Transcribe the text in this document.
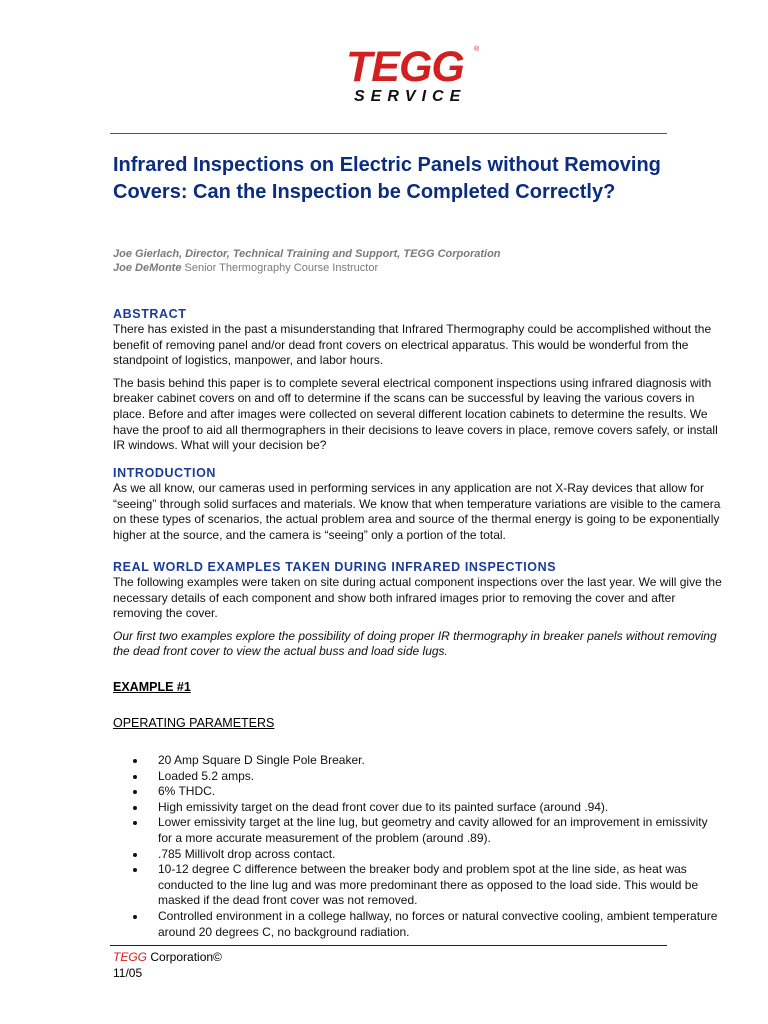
TEGG ®
SERVICE
Infrared Inspections on Electric Panels without Removing Covers: Can the Inspection be Completed Correctly?
Joe Gierlach, Director, Technical Training and Support, TEGG Corporation
Joe DeMonte Senior Thermography Course Instructor
ABSTRACT

There has existed in the past a misunderstanding that Infrared Thermography could be accomplished without the benefit of removing panel and/or dead front covers on electrical apparatus. This would be wonderful from the standpoint of logistics, manpower, and labor hours.

The basis behind this paper is to complete several electrical component inspections using infrared diagnosis with breaker cabinet covers on and off to determine if the scans can be successful by leaving the various covers in place. Before and after images were collected on several different location cabinets to determine the results. We have the proof to aid all thermographers in their decisions to leave covers in place, remove covers safely, or install IR windows. What will your decision be?

INTRODUCTION

As we all know, our cameras used in performing services in any application are not X-Ray devices that allow for “seeing” through solid surfaces and materials. We know that when temperature variations are visible to the camera on these types of scenarios, the actual problem area and source of the thermal energy is going to be exponentially higher at the source, and the camera is “seeing” only a portion of the total.

REAL WORLD EXAMPLES TAKEN DURING INFRARED INSPECTIONS

The following examples were taken on site during actual component inspections over the last year. We will give the necessary details of each component and show both infrared images prior to removing the cover and after removing the cover.

Our first two examples explore the possibility of doing proper IR thermography in breaker panels without removing the dead front cover to view the actual buss and load side lugs.

EXAMPLE #1
OPERATING PARAMETERS
20 Amp Square D Single Pole Breaker.
Loaded 5.2 amps.
6% THDC.
High emissivity target on the dead front cover due to its painted surface (around .94).
Lower emissivity target at the line lug, but geometry and cavity allowed for an improvement in emissivity for a more accurate measurement of the problem (around .89).
.785 Millivolt drop across contact.
10-12 degree C difference between the breaker body and problem spot at the line side, as heat was conducted to the line lug and was more predominant there as opposed to the load side. This would be masked if the dead front cover was not removed.
Controlled environment in a college hallway, no forces or natural convective cooling, ambient temperature around 20 degrees C, no background radiation.
TEGG Corporation©
11/05
